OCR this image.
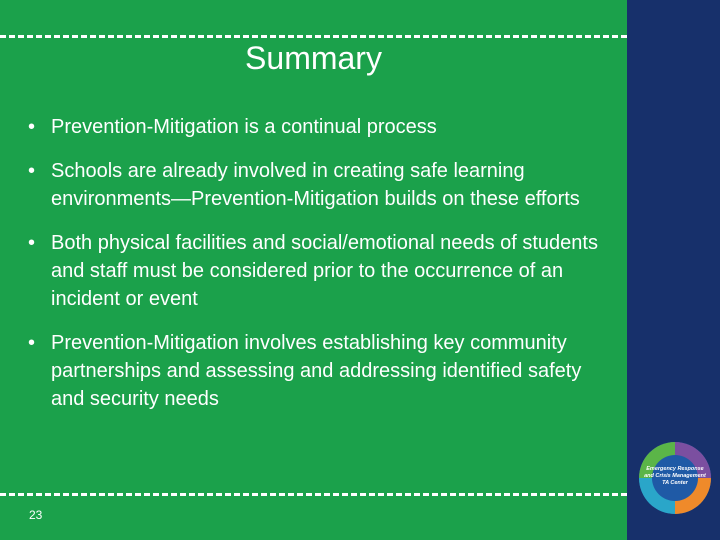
Summary
• Prevention-Mitigation is a continual process
• Schools are already involved in creating safe learning environments—Prevention-Mitigation builds on these efforts
• Both physical facilities and social/emotional needs of students and staff must be considered prior to the occurrence of an incident or event
• Prevention-Mitigation involves establishing key community partnerships and assessing and addressing identified safety and security needs
23
Emergency Response
and Crisis Management
TA Center
